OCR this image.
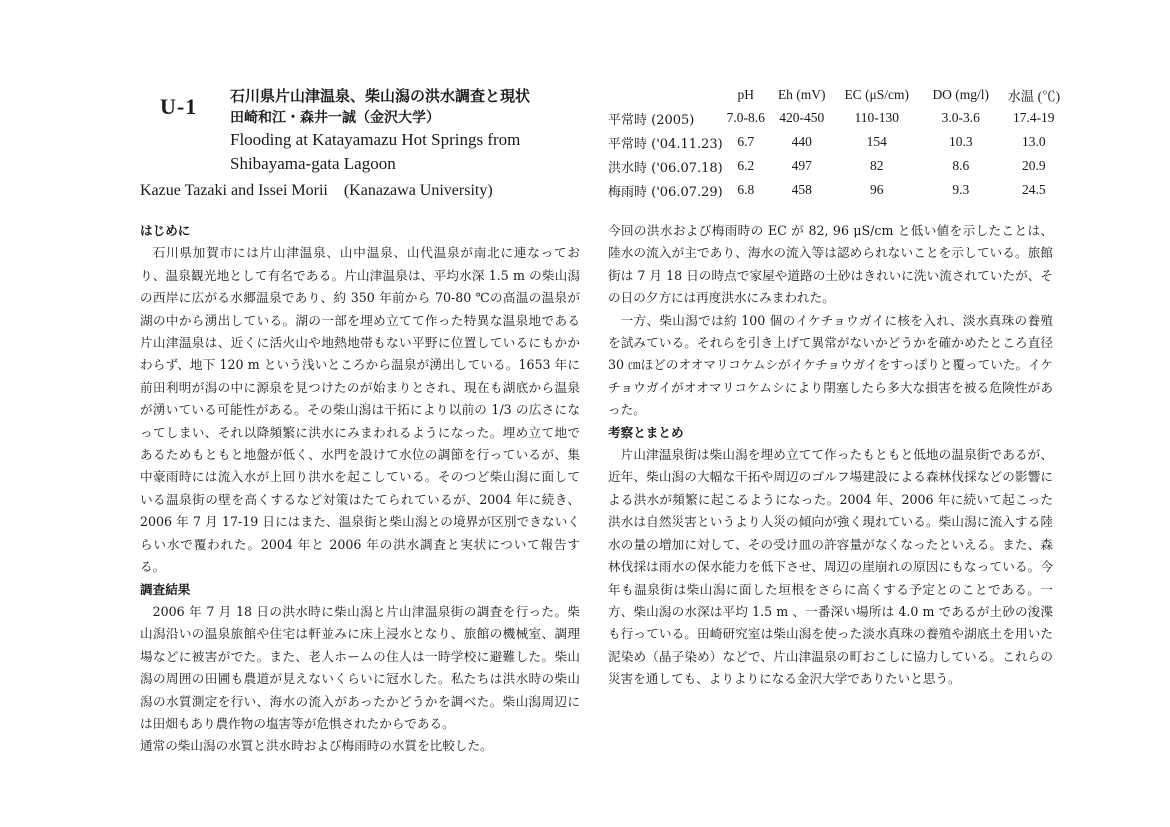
U-1 石川県片山津温泉、柴山潟の洪水調査と現状
田崎和江・森井一誠（金沢大学）
Flooding at Katayamazu Hot Springs from
Shibayama-gata Lagoon
Kazue Tazaki and Issei Morii　(Kanazawa University)
	pH	Eh (mV)	EC (μS/cm)	DO (mg/l)	水温 (℃)
平常時 (2005)	7.0-8.6	420-450	110-130	3.0-3.6	17.4-19
平常時 ('04.11.23)	6.7	440	154	10.3	13.0
洪水時 ('06.07.18)	6.2	497	82	8.6	20.9
梅雨時 ('06.07.29)	6.8	458	96	9.3	24.5
はじめに
石川県加賀市には片山津温泉、山中温泉、山代温泉が南北に連なっており、温泉観光地として有名である。片山津温泉は、平均水深 1.5 m の柴山潟の西岸に広がる水郷温泉であり、約 350 年前から 70-80 ℃の高温の温泉が湖の中から湧出している。湖の一部を埋め立てて作った特異な温泉地である片山津温泉は、近くに活火山や地熱地帯もない平野に位置しているにもかかわらず、地下 120 m という浅いところから温泉が湧出している。1653 年に前田利明が潟の中に源泉を見つけたのが始まりとされ、現在も湖底から温泉が湧いている可能性がある。その柴山潟は干拓により以前の 1/3 の広さになってしまい、それ以降頻繁に洪水にみまわれるようになった。埋め立て地であるためもともと地盤が低く、水門を設けて水位の調節を行っているが、集中豪雨時には流入水が上回り洪水を起こしている。そのつど柴山潟に面している温泉街の壁を高くするなど対策はたてられているが、2004 年に続き、2006 年 7 月 17-19 日にはまた、温泉街と柴山潟との境界が区別できないくらい水で覆われた。2004 年と 2006 年の洪水調査と実状について報告する。
調査結果
2006 年 7 月 18 日の洪水時に柴山潟と片山津温泉街の調査を行った。柴山潟沿いの温泉旅館や住宅は軒並みに床上浸水となり、旅館の機械室、調理場などに被害がでた。また、老人ホームの住人は一時学校に避難した。柴山潟の周囲の田圃も農道が見えないくらいに冠水した。私たちは洪水時の柴山潟の水質測定を行い、海水の流入があったかどうかを調べた。柴山潟周辺には田畑もあり農作物の塩害等が危惧されたからである。
通常の柴山潟の水質と洪水時および梅雨時の水質を比較した。
今回の洪水および梅雨時の EC が 82, 96 μS/cm と低い値を示したことは、陸水の流入が主であり、海水の流入等は認められないことを示している。旅館街は 7 月 18 日の時点で家屋や道路の土砂はきれいに洗い流されていたが、その日の夕方には再度洪水にみまわれた。
一方、柴山潟では約 100 個のイケチョウガイに核を入れ、淡水真珠の養殖を試みている。それらを引き上げて異常がないかどうかを確かめたところ直径 30 ㎝ほどのオオマリコケムシがイケチョウガイをすっぽりと覆っていた。イケチョウガイがオオマリコケムシにより閉塞したら多大な損害を被る危険性があった。
考察とまとめ
片山津温泉街は柴山潟を埋め立てて作ったもともと低地の温泉街であるが、近年、柴山潟の大幅な干拓や周辺のゴルフ場建設による森林伐採などの影響による洪水が頻繁に起こるようになった。2004 年、2006 年に続いて起こった洪水は自然災害というより人災の傾向が強く現れている。柴山潟に流入する陸水の量の増加に対して、その受け皿の許容量がなくなったといえる。また、森林伐採は雨水の保水能力を低下させ、周辺の崖崩れの原因にもなっている。今年も温泉街は柴山潟に面した垣根をさらに高くする予定とのことである。一方、柴山潟の水深は平均 1.5 m 、一番深い場所は 4.0 m であるが土砂の浚渫も行っている。田崎研究室は柴山潟を使った淡水真珠の養殖や湖底土を用いた泥染め（晶子染め）などで、片山津温泉の町おこしに協力している。これらの災害を通しても、よりよりになる金沢大学でありたいと思う。
